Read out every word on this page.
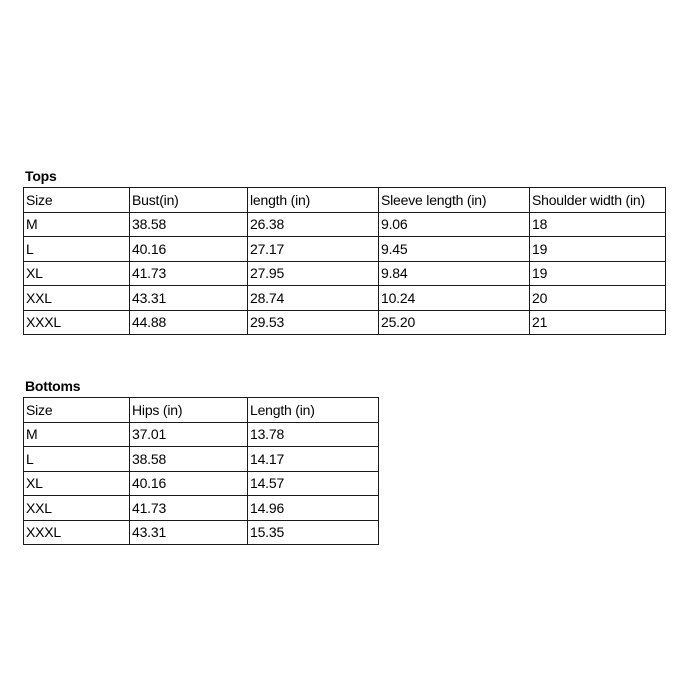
Tops
Size	Bust(in)	length (in)	Sleeve length (in)	Shoulder width (in)
M	38.58	26.38	9.06	18
L	40.16	27.17	9.45	19
XL	41.73	27.95	9.84	19
XXL	43.31	28.74	10.24	20
XXXL	44.88	29.53	25.20	21
Bottoms
Size	Hips (in)	Length (in)
M	37.01	13.78
L	38.58	14.17
XL	40.16	14.57
XXL	41.73	14.96
XXXL	43.31	15.35
